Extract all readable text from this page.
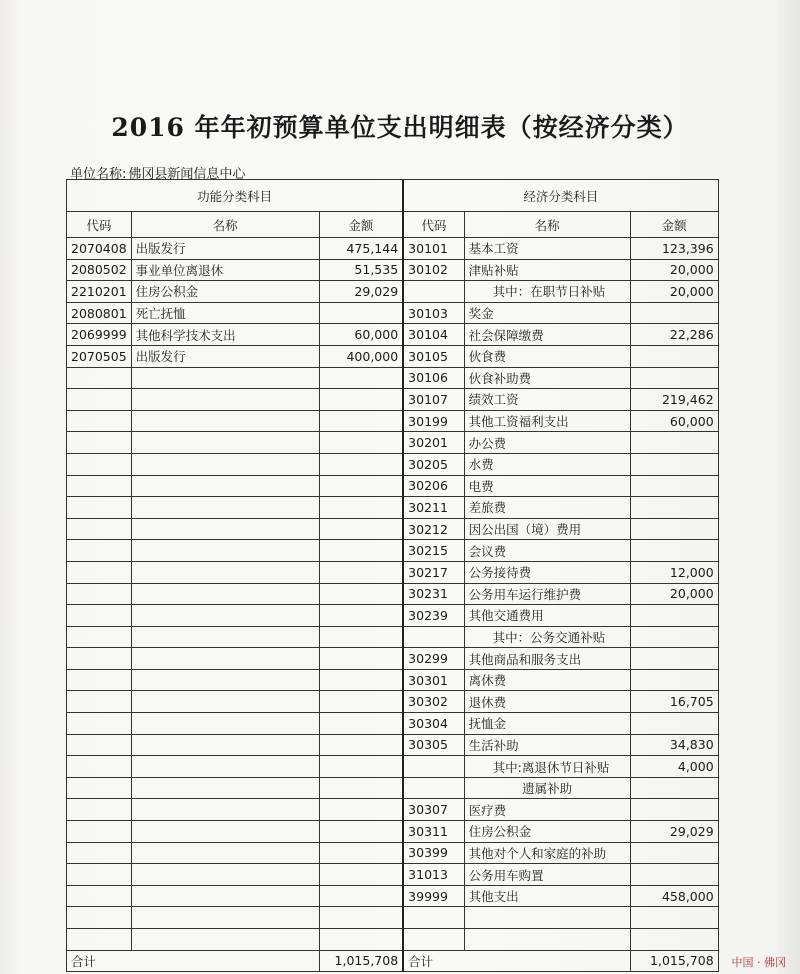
2016 年年初预算单位支出明细表（按经济分类）
单位名称: 佛冈县新闻信息中心
功能分类科目			经济分类科目		
代码	名称	金额	代码	名称	金额
2070408	出版发行	475,144	30101	基本工资	123,396
2080502	事业单位离退休	51,535	30102	津贴补贴	20,000
2210201	住房公积金	29,029		其中：在职节日补贴	20,000
2080801	死亡抚恤		30103	奖金	
2069999	其他科学技术支出	60,000	30104	社会保障缴费	22,286
2070505	出版发行	400,000	30105	伙食费	
			30106	伙食补助费	
			30107	绩效工资	219,462
			30199	其他工资福利支出	60,000
			30201	办公费	
			30205	水费	
			30206	电费	
			30211	差旅费	
			30212	因公出国（境）费用	
			30215	会议费	
			30217	公务接待费	12,000
			30231	公务用车运行维护费	20,000
			30239	其他交通费用	
				其中：公务交通补贴	
			30299	其他商品和服务支出	
			30301	离休费	
			30302	退休费	16,705
			30304	抚恤金	
			30305	生活补助	34,830
				其中:离退休节日补贴	4,000
				遗属补助	
			30307	医疗费	
			30311	住房公积金	29,029
			30399	其他对个人和家庭的补助	
			31013	公务用车购置	
			39999	其他支出	458,000

合计		1,015,708	合计		1,015,708 中国 · 佛冈
